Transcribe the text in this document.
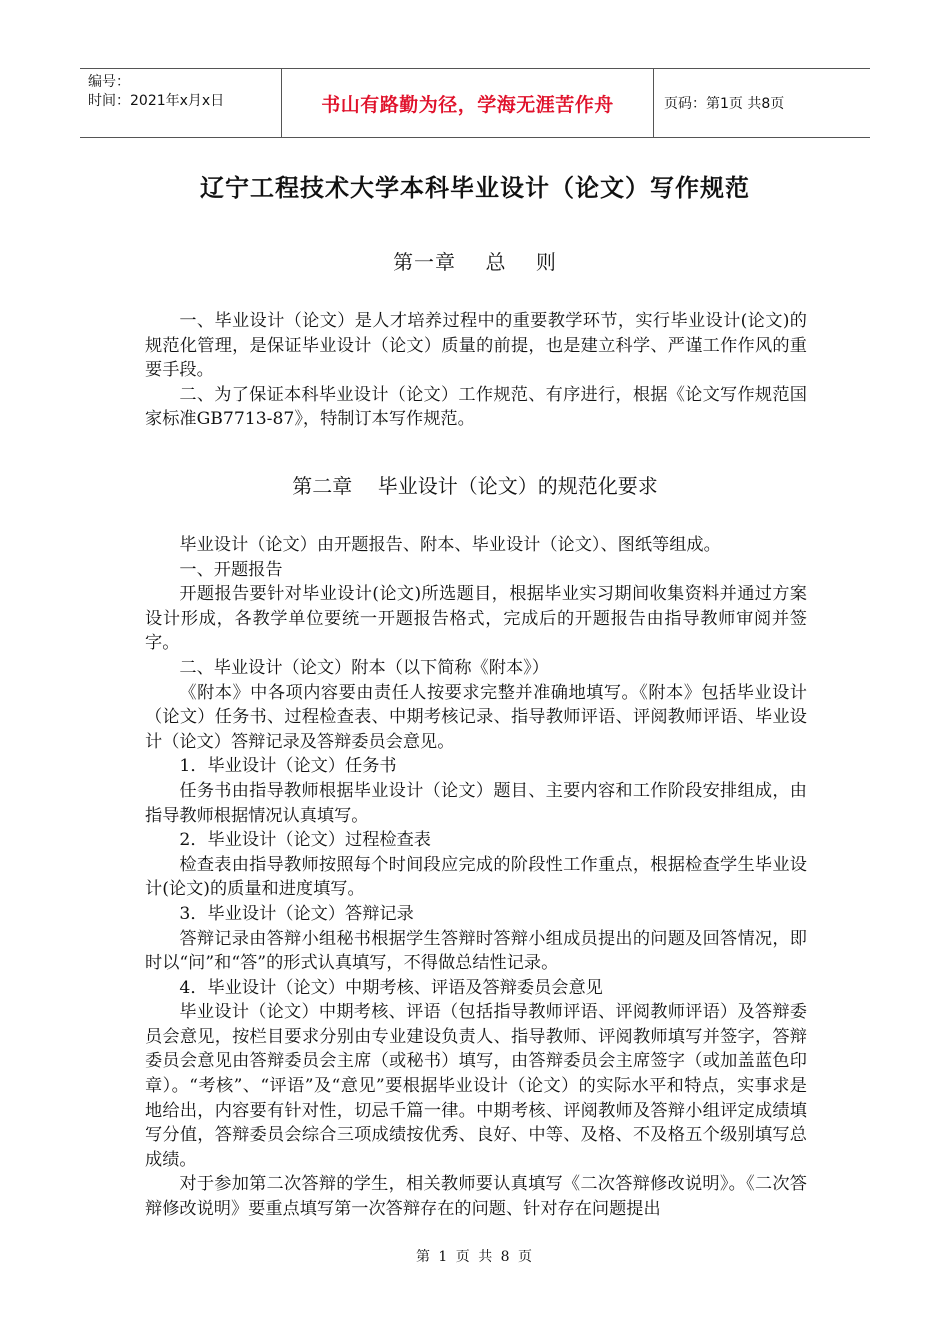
编号：
时间：2021年x月x日	书山有路勤为径，学海无涯苦作舟	页码：第1页 共8页
辽宁工程技术大学本科毕业设计（论文）写作规范
第一章    总    则

一、毕业设计（论文）是人才培养过程中的重要教学环节，实行毕业设计(论文)的规范化管理，是保证毕业设计（论文）质量的前提，也是建立科学、严谨工作作风的重要手段。

二、为了保证本科毕业设计（论文）工作规范、有序进行，根据《论文写作规范国家标准GB7713-87》，特制订本写作规范。

第二章    毕业设计（论文）的规范化要求

毕业设计（论文）由开题报告、附本、毕业设计（论文）、图纸等组成。

一、开题报告

开题报告要针对毕业设计(论文)所选题目，根据毕业实习期间收集资料并通过方案设计形成，各教学单位要统一开题报告格式，完成后的开题报告由指导教师审阅并签字。

二、毕业设计（论文）附本（以下简称《附本》）

《附本》中各项内容要由责任人按要求完整并准确地填写。《附本》包括毕业设计（论文）任务书、过程检查表、中期考核记录、指导教师评语、评阅教师评语、毕业设计（论文）答辩记录及答辩委员会意见。

1．毕业设计（论文）任务书

任务书由指导教师根据毕业设计（论文）题目、主要内容和工作阶段安排组成，由指导教师根据情况认真填写。

2．毕业设计（论文）过程检查表

检查表由指导教师按照每个时间段应完成的阶段性工作重点，根据检查学生毕业设计(论文)的质量和进度填写。

3．毕业设计（论文）答辩记录

答辩记录由答辩小组秘书根据学生答辩时答辩小组成员提出的问题及回答情况，即时以“问”和“答”的形式认真填写，不得做总结性记录。

4．毕业设计（论文）中期考核、评语及答辩委员会意见

毕业设计（论文）中期考核、评语（包括指导教师评语、评阅教师评语）及答辩委员会意见，按栏目要求分别由专业建设负责人、指导教师、评阅教师填写并签字，答辩委员会意见由答辩委员会主席（或秘书）填写，由答辩委员会主席签字（或加盖蓝色印章）。“考核”、“评语”及“意见”要根据毕业设计（论文）的实际水平和特点，实事求是地给出，内容要有针对性，切忌千篇一律。中期考核、评阅教师及答辩小组评定成绩填写分值，答辩委员会综合三项成绩按优秀、良好、中等、及格、不及格五个级别填写总成绩。

对于参加第二次答辩的学生，相关教师要认真填写《二次答辩修改说明》。《二次答辩修改说明》要重点填写第一次答辩存在的问题、针对存在问题提出

第 1 页 共 8 页
